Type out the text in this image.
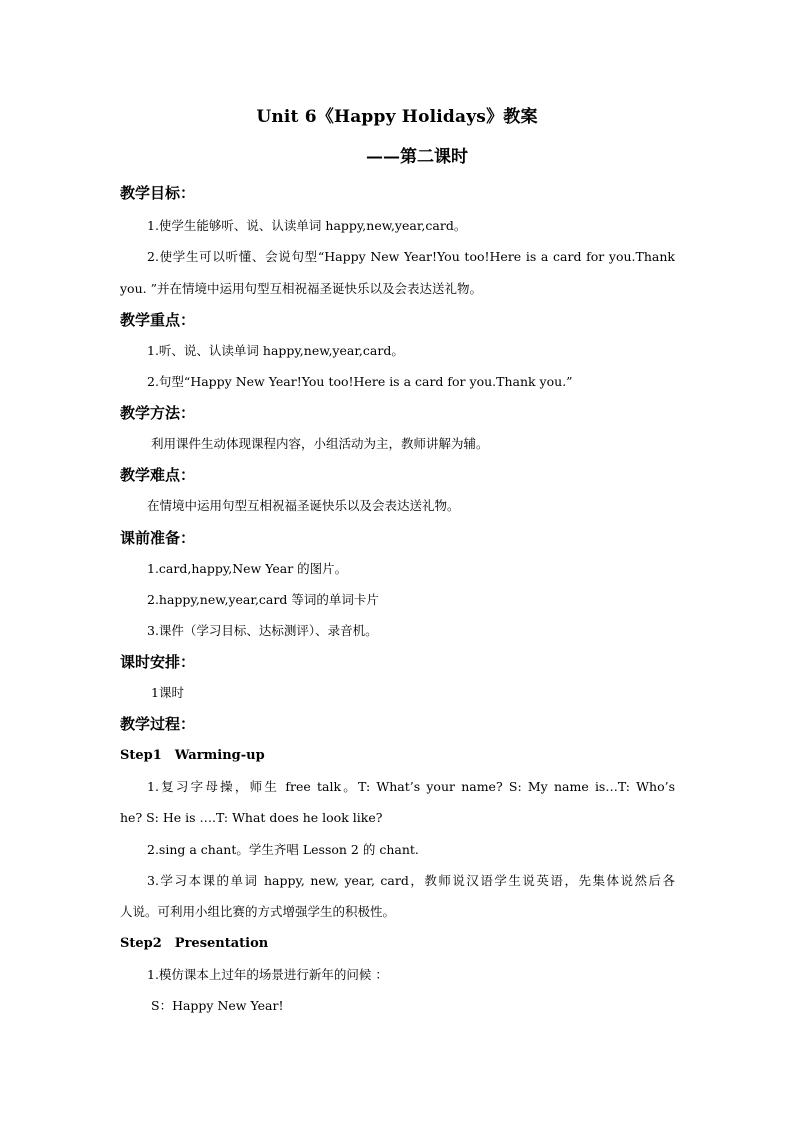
Unit 6《Happy Holidays》教案
——第二课时
教学目标：
1.使学生能够听、说、认读单词 happy,new,year,card。
2.使学生可以听懂、会说句型“Happy New Year!You too!Here is a card for you.Thank
you. ”并在情境中运用句型互相祝福圣诞快乐以及会表达送礼物。
教学重点：
1.听、说、认读单词 happy,new,year,card。
2.句型“Happy New Year!You too!Here is a card for you.Thank you.”
教学方法：
利用课件生动体现课程内容，小组活动为主，教师讲解为辅。
教学难点：
在情境中运用句型互相祝福圣诞快乐以及会表达送礼物。
课前准备：
1.card,happy,New Year 的图片。
2.happy,new,year,card 等词的单词卡片
3.课件（学习目标、达标测评）、录音机。
课时安排：
1课时
教学过程：
Step1　Warming-up
1.复习字母操，师生 free talk。T: What’s your name? S: My name is…T: Who’s
he? S: He is ….T: What does he look like?
2.sing a chant。学生齐唱 Lesson 2 的 chant.
3.学习本课的单词 happy, new, year, card，教师说汉语学生说英语，先集体说然后各
人说。可利用小组比赛的方式增强学生的积极性。
Step2　Presentation
1.模仿课本上过年的场景进行新年的问候 ：
S：Happy New Year!
